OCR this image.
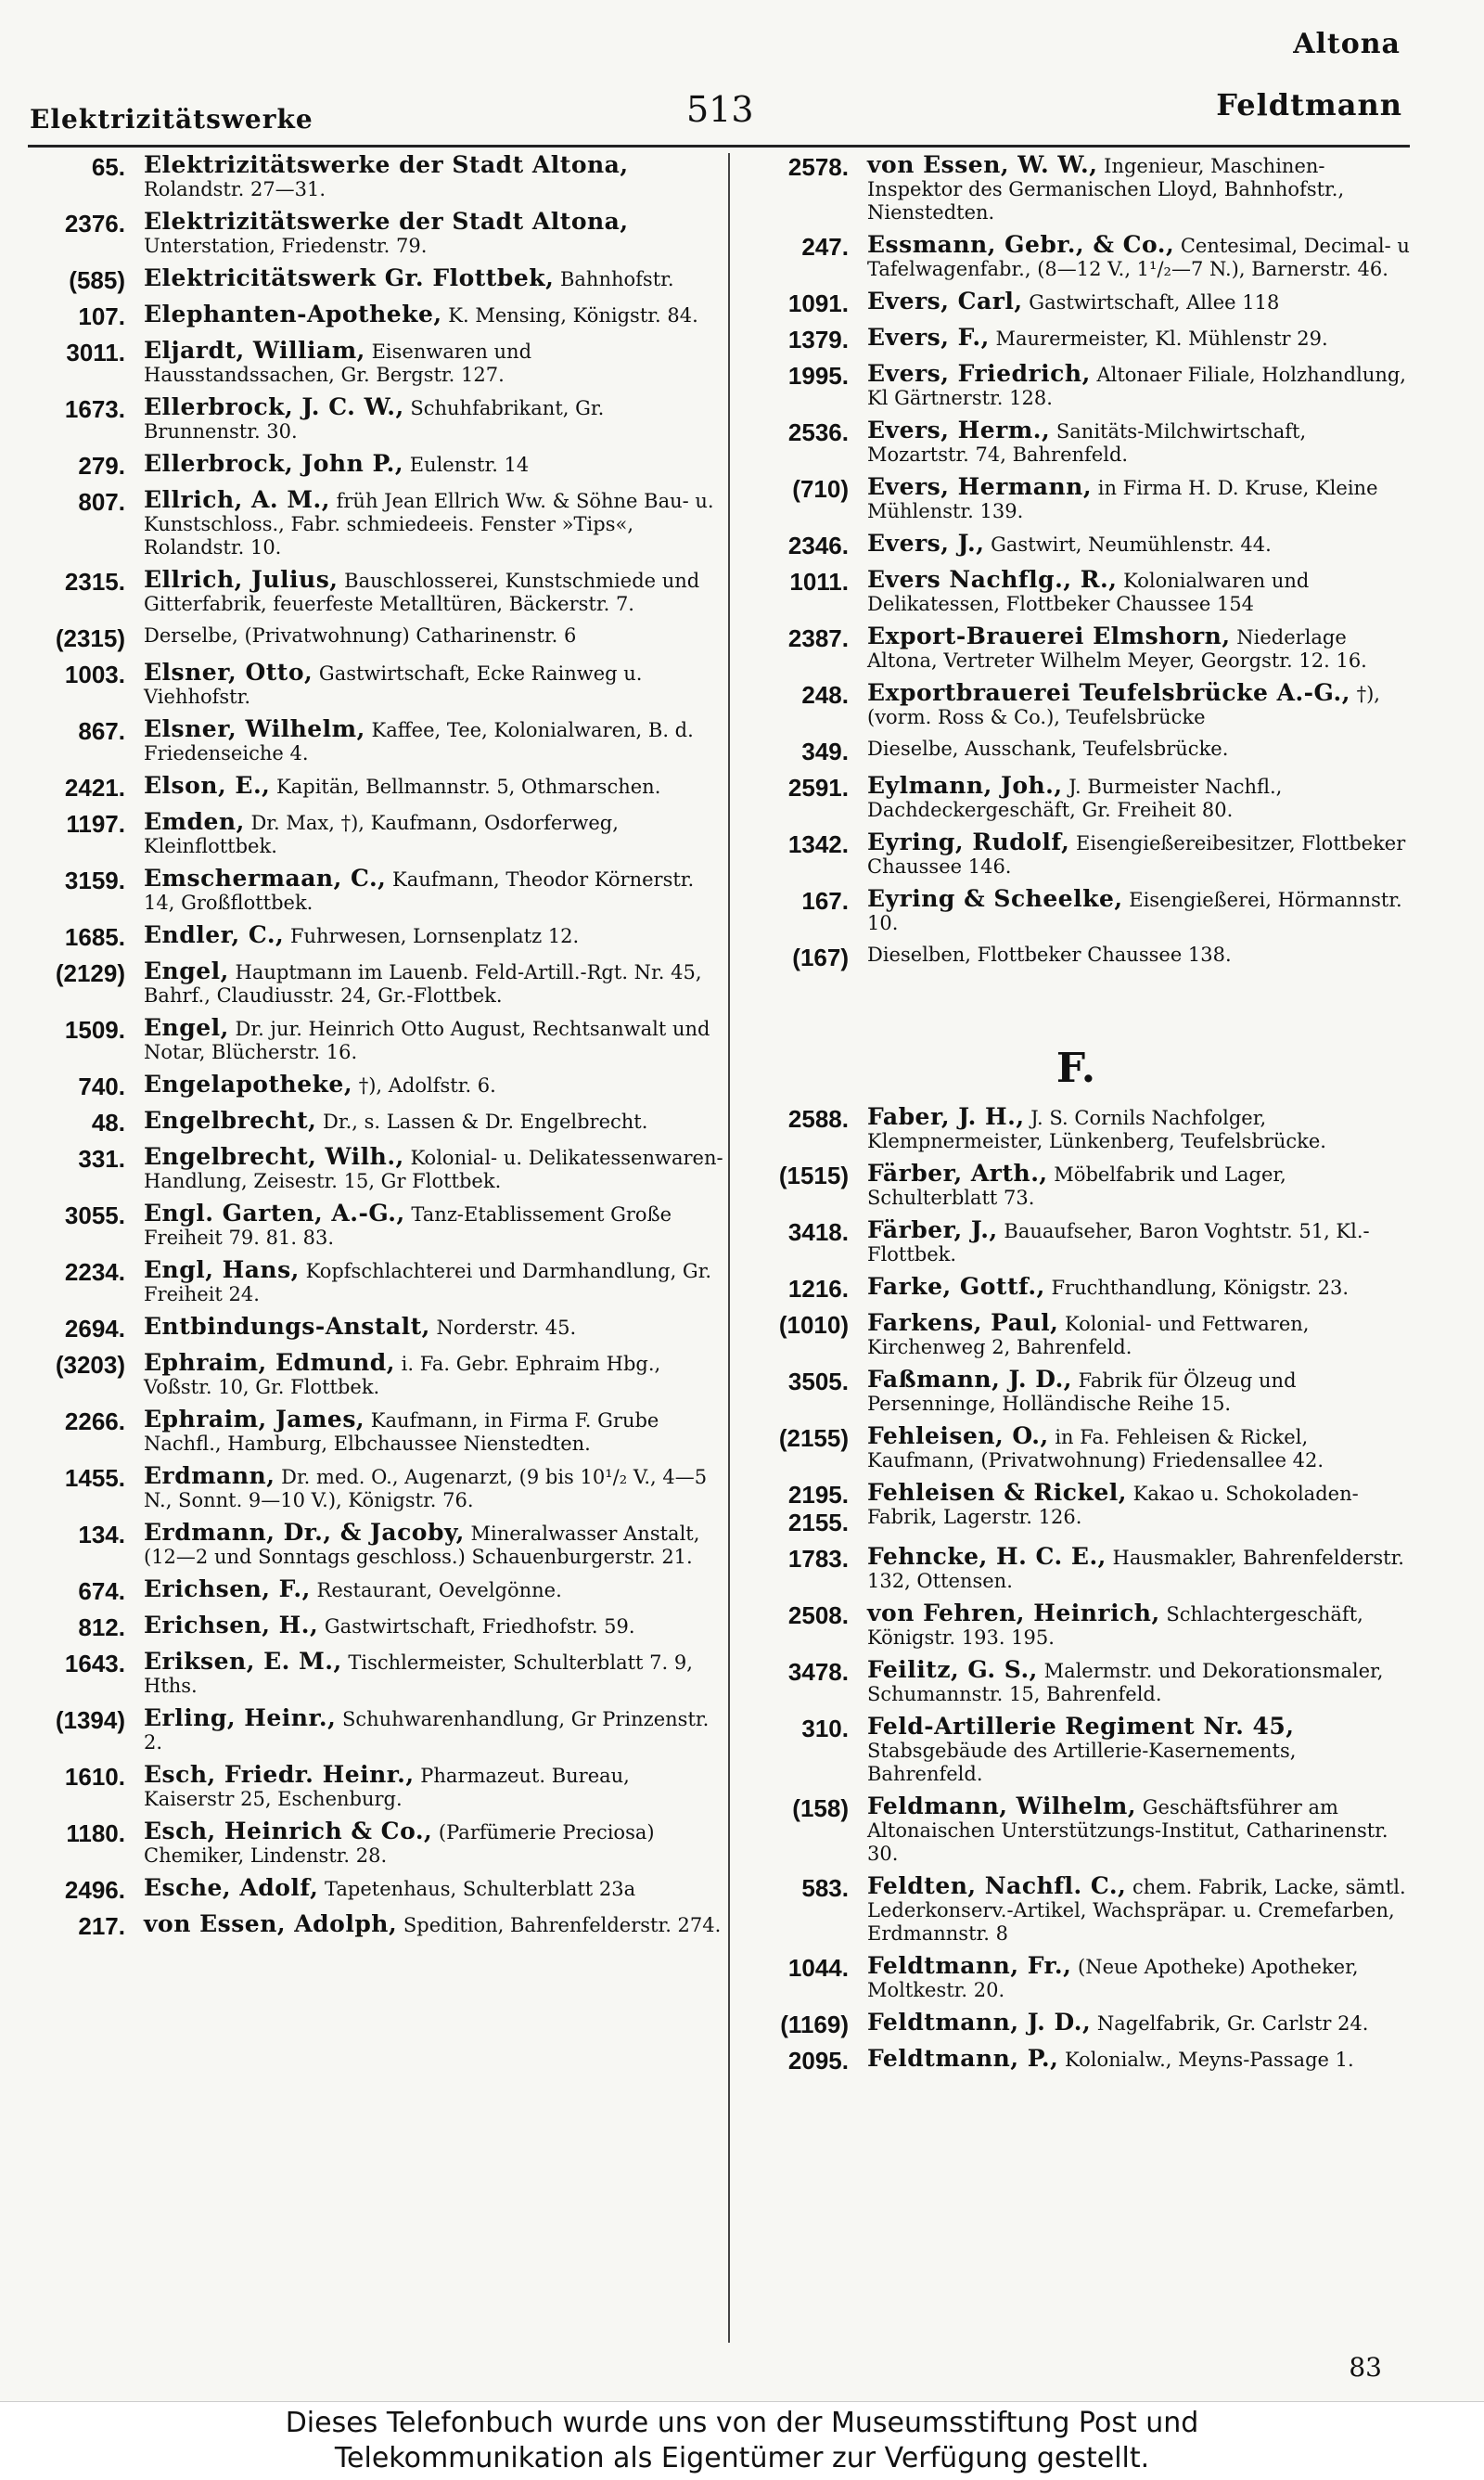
Altona
Elektrizitätswerke	513	Feldtmann
65. Elektrizitätswerke der Stadt Altona, Rolandstr. 27—31.
2376. Elektrizitätswerke der Stadt Altona, Unterstation, Friedenstr. 79.
(585) Elektricitätswerk Gr. Flottbek, Bahnhofstr.
107. Elephanten-Apotheke, K. Mensing, Königstr. 84.
3011. Eljardt, William, Eisenwaren und Hausstandssachen, Gr. Bergstr. 127.
1673. Ellerbrock, J. C. W., Schuhfabrikant, Gr. Brunnenstr. 30.
279. Ellerbrock, John P., Eulenstr. 14
807. Ellrich, A. M., früh Jean Ellrich Ww. & Söhne Bau- u. Kunstschloss., Fabr. schmiedeeis. Fenster »Tips«, Rolandstr. 10.
2315. Ellrich, Julius, Bauschlosserei, Kunstschmiede und Gitterfabrik, feuerfeste Metalltüren, Bäckerstr. 7.
(2315) Derselbe, (Privatwohnung) Catharinenstr. 6
1003. Elsner, Otto, Gastwirtschaft, Ecke Rainweg u. Viehhofstr.
867. Elsner, Wilhelm, Kaffee, Tee, Kolonialwaren, B. d. Friedenseiche 4.
2421. Elson, E., Kapitän, Bellmannstr. 5, Othmarschen.
1197. Emden, Dr. Max, †), Kaufmann, Osdorferweg, Kleinflottbek.
3159. Emschermaan, C., Kaufmann, Theodor Körnerstr. 14, Großflottbek.
1685. Endler, C., Fuhrwesen, Lornsenplatz 12.
(2129) Engel, Hauptmann im Lauenb. Feld-Artill.-Rgt. Nr. 45, Bahrf., Claudiusstr. 24, Gr.-Flottbek.
1509. Engel, Dr. jur. Heinrich Otto August, Rechtsanwalt und Notar, Blücherstr. 16.
740. Engelapotheke, †), Adolfstr. 6.
48. Engelbrecht, Dr., s. Lassen & Dr. Engelbrecht.
331. Engelbrecht, Wilh., Kolonial- u. Delikatessenwaren-Handlung, Zeisestr. 15, Gr Flottbek.
3055. Engl. Garten, A.-G., Tanz-Etablissement Große Freiheit 79. 81. 83.
2234. Engl, Hans, Kopfschlachterei und Darmhandlung, Gr. Freiheit 24.
2694. Entbindungs-Anstalt, Norderstr. 45.
(3203) Ephraim, Edmund, i. Fa. Gebr. Ephraim Hbg., Voßstr. 10, Gr. Flottbek.
2266. Ephraim, James, Kaufmann, in Firma F. Grube Nachfl., Hamburg, Elbchaussee Nienstedten.
1455. Erdmann, Dr. med. O., Augenarzt, (9 bis 10¹/₂ V., 4—5 N., Sonnt. 9—10 V.), Königstr. 76.
134. Erdmann, Dr., & Jacoby, Mineralwasser Anstalt, (12—2 und Sonntags geschloss.) Schauenburgerstr. 21.
674. Erichsen, F., Restaurant, Oevelgönne.
812. Erichsen, H., Gastwirtschaft, Friedhofstr. 59.
1643. Eriksen, E. M., Tischlermeister, Schulterblatt 7. 9, Hths.
(1394) Erling, Heinr., Schuhwarenhandlung, Gr Prinzenstr. 2.
1610. Esch, Friedr. Heinr., Pharmazeut. Bureau, Kaiserstr 25, Eschenburg.
1180. Esch, Heinrich & Co., (Parfümerie Preciosa) Chemiker, Lindenstr. 28.
2496. Esche, Adolf, Tapetenhaus, Schulterblatt 23a
217. von Essen, Adolph, Spedition, Bahrenfelderstr. 274.
2578. von Essen, W. W., Ingenieur, Maschinen-Inspektor des Germanischen Lloyd, Bahnhofstr., Nienstedten.
247. Essmann, Gebr., & Co., Centesimal, Decimal- u Tafelwagenfabr., (8—12 V., 1¹/₂—7 N.), Barnerstr. 46.
1091. Evers, Carl, Gastwirtschaft, Allee 118
1379. Evers, F., Maurermeister, Kl. Mühlenstr 29.
1995. Evers, Friedrich, Altonaer Filiale, Holzhandlung, Kl Gärtnerstr. 128.
2536. Evers, Herm., Sanitäts-Milchwirtschaft, Mozartstr. 74, Bahrenfeld.
(710) Evers, Hermann, in Firma H. D. Kruse, Kleine Mühlenstr. 139.
2346. Evers, J., Gastwirt, Neumühlenstr. 44.
1011. Evers Nachflg., R., Kolonialwaren und Delikatessen, Flottbeker Chaussee 154
2387. Export-Brauerei Elmshorn, Niederlage Altona, Vertreter Wilhelm Meyer, Georgstr. 12. 16.
248. Exportbrauerei Teufelsbrücke A.-G., †), (vorm. Ross & Co.), Teufelsbrücke
349. Dieselbe, Ausschank, Teufelsbrücke.
2591. Eylmann, Joh., J. Burmeister Nachfl., Dachdeckergeschäft, Gr. Freiheit 80.
1342. Eyring, Rudolf, Eisengießereibesitzer, Flottbeker Chaussee 146.
167. Eyring & Scheelke, Eisengießerei, Hörmannstr. 10.
(167) Dieselben, Flottbeker Chaussee 138.
F.
2588. Faber, J. H., J. S. Cornils Nachfolger, Klempnermeister, Lünkenberg, Teufelsbrücke.
(1515) Färber, Arth., Möbelfabrik und Lager, Schulterblatt 73.
3418. Färber, J., Bauaufseher, Baron Voghtstr. 51, Kl.-Flottbek.
1216. Farke, Gottf., Fruchthandlung, Königstr. 23.
(1010) Farkens, Paul, Kolonial- und Fettwaren, Kirchenweg 2, Bahrenfeld.
3505. Faßmann, J. D., Fabrik für Ölzeug und Persenninge, Holländische Reihe 15.
(2155) Fehleisen, O., in Fa. Fehleisen & Rickel, Kaufmann, (Privatwohnung) Friedensallee 42.
2195.
2155.
Fehleisen & Rickel, Kakao u. Schokoladen-Fabrik, Lagerstr. 126.
1783. Fehncke, H. C. E., Hausmakler, Bahrenfelderstr. 132, Ottensen.
2508. von Fehren, Heinrich, Schlachtergeschäft, Königstr. 193. 195.
3478. Feilitz, G. S., Malermstr. und Dekorationsmaler, Schumannstr. 15, Bahrenfeld.
310. Feld-Artillerie Regiment Nr. 45, Stabsgebäude des Artillerie-Kasernements, Bahrenfeld.
(158) Feldmann, Wilhelm, Geschäftsführer am Altonaischen Unterstützungs-Institut, Catharinenstr. 30.
583. Feldten, Nachfl. C., chem. Fabrik, Lacke, sämtl. Lederkonserv.-Artikel, Wachspräpar. u. Cremefarben, Erdmannstr. 8
1044. Feldtmann, Fr., (Neue Apotheke) Apotheker, Moltkestr. 20.
(1169) Feldtmann, J. D., Nagelfabrik, Gr. Carlstr 24.
2095. Feldtmann, P., Kolonialw., Meyns-Passage 1.
83
Dieses Telefonbuch wurde uns von der Museumsstiftung Post und
Telekommunikation als Eigentümer zur Verfügung gestellt.
